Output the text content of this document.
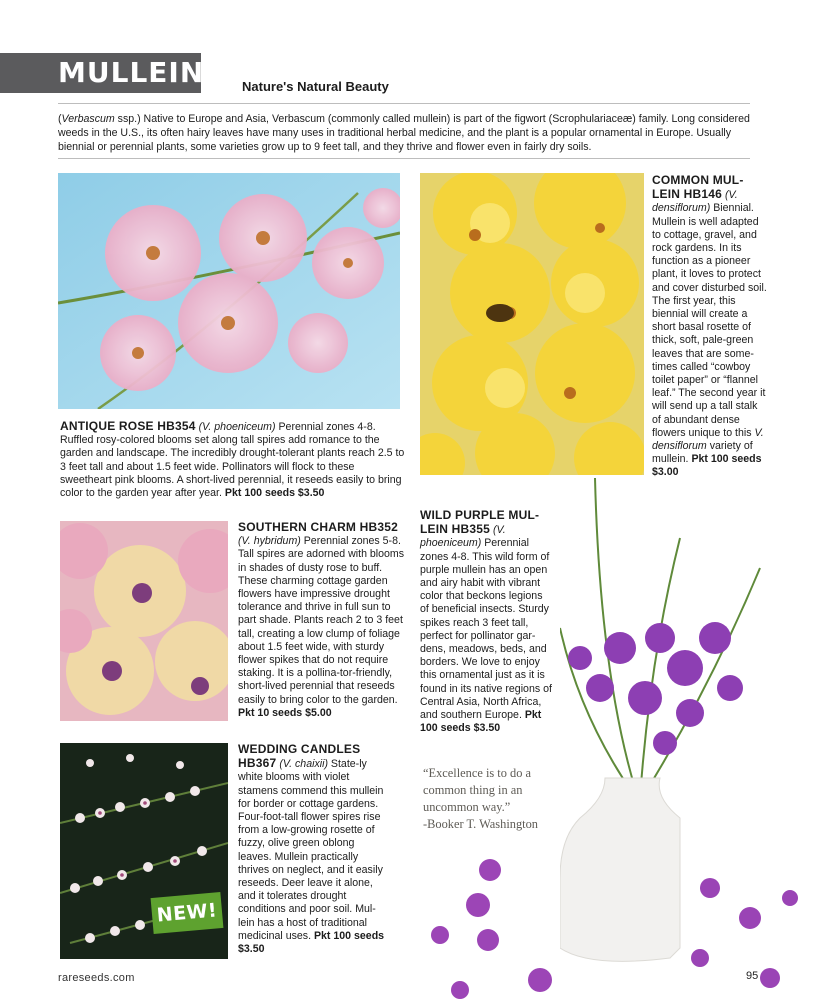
MULLEIN	Nature's Natural Beauty
(Verbascum ssp.) Native to Europe and Asia, Verbascum (commonly called mullein) is part of the figwort (Scrophulariaceæ) family. Long considered weeds in the U.S., its often hairy leaves have many uses in traditional herbal medicine, and the plant is a popular ornamental in Europe. Usually biennial or perennial plants, some varieties grow up to 9 feet tall, and they thrive and flower even in fairly dry soils.
NEW!
ANTIQUE ROSE HB354 (V. phoeniceum) Perennial zones 4-8. Ruffled rosy-colored blooms set along tall spires add romance to the garden and landscape. The incredibly drought-tolerant plants reach 2.5 to 3 feet tall and about 1.5 feet wide. Pollinators will flock to these sweetheart pink blooms. A short-lived perennial, it reseeds easily to bring color to the garden year after year. Pkt 100 seeds $3.50
COMMON MUL-LEIN HB146 (V. densiflorum) Biennial. Mullein is well adapted to cottage, gravel, and rock gardens. In its function as a pioneer plant, it loves to protect and cover disturbed soil. The first year, this biennial will create a short basal rosette of thick, soft, pale-green leaves that are some-times called “cowboy toilet paper” or “flannel leaf.” The second year it will send up a tall stalk of abundant dense flowers unique to this V. densiflorum variety of mullein. Pkt 100 seeds $3.00
SOUTHERN CHARM HB352 (V. hybridum) Perennial zones 5-8. Tall spires are adorned with blooms in shades of dusty rose to buff. These charming cottage garden flowers have impressive drought tolerance and thrive in full sun to part shade. Plants reach 2 to 3 feet tall, creating a low clump of foliage about 1.5 feet wide, with sturdy flower spikes that do not require staking. It is a pollina-tor-friendly, short-lived perennial that reseeds easily to bring color to the garden. Pkt 10 seeds $5.00
WILD PURPLE MUL-LEIN HB355 (V. phoeniceum) Perennial zones 4-8. This wild form of purple mullein has an open and airy habit with vibrant color that beckons legions of beneficial insects. Sturdy spikes reach 3 feet tall, perfect for pollinator gar-dens, meadows, beds, and borders. We love to enjoy this ornamental just as it is found in its native regions of Central Asia, North Africa, and southern Europe. Pkt 100 seeds $3.50
WEDDING CANDLES HB367 (V. chaixii) State-ly white blooms with violet stamens commend this mullein for border or cottage gardens. Four-foot-tall flower spires rise from a low-growing rosette of fuzzy, olive green oblong leaves. Mullein practically thrives on neglect, and it easily reseeds. Deer leave it alone, and it tolerates drought conditions and poor soil. Mul-lein has a host of traditional medicinal uses. Pkt 100 seeds $3.50
“Excellence is to do a common thing in an uncommon way.”
-Booker T. Washington
rareseeds.com	95
